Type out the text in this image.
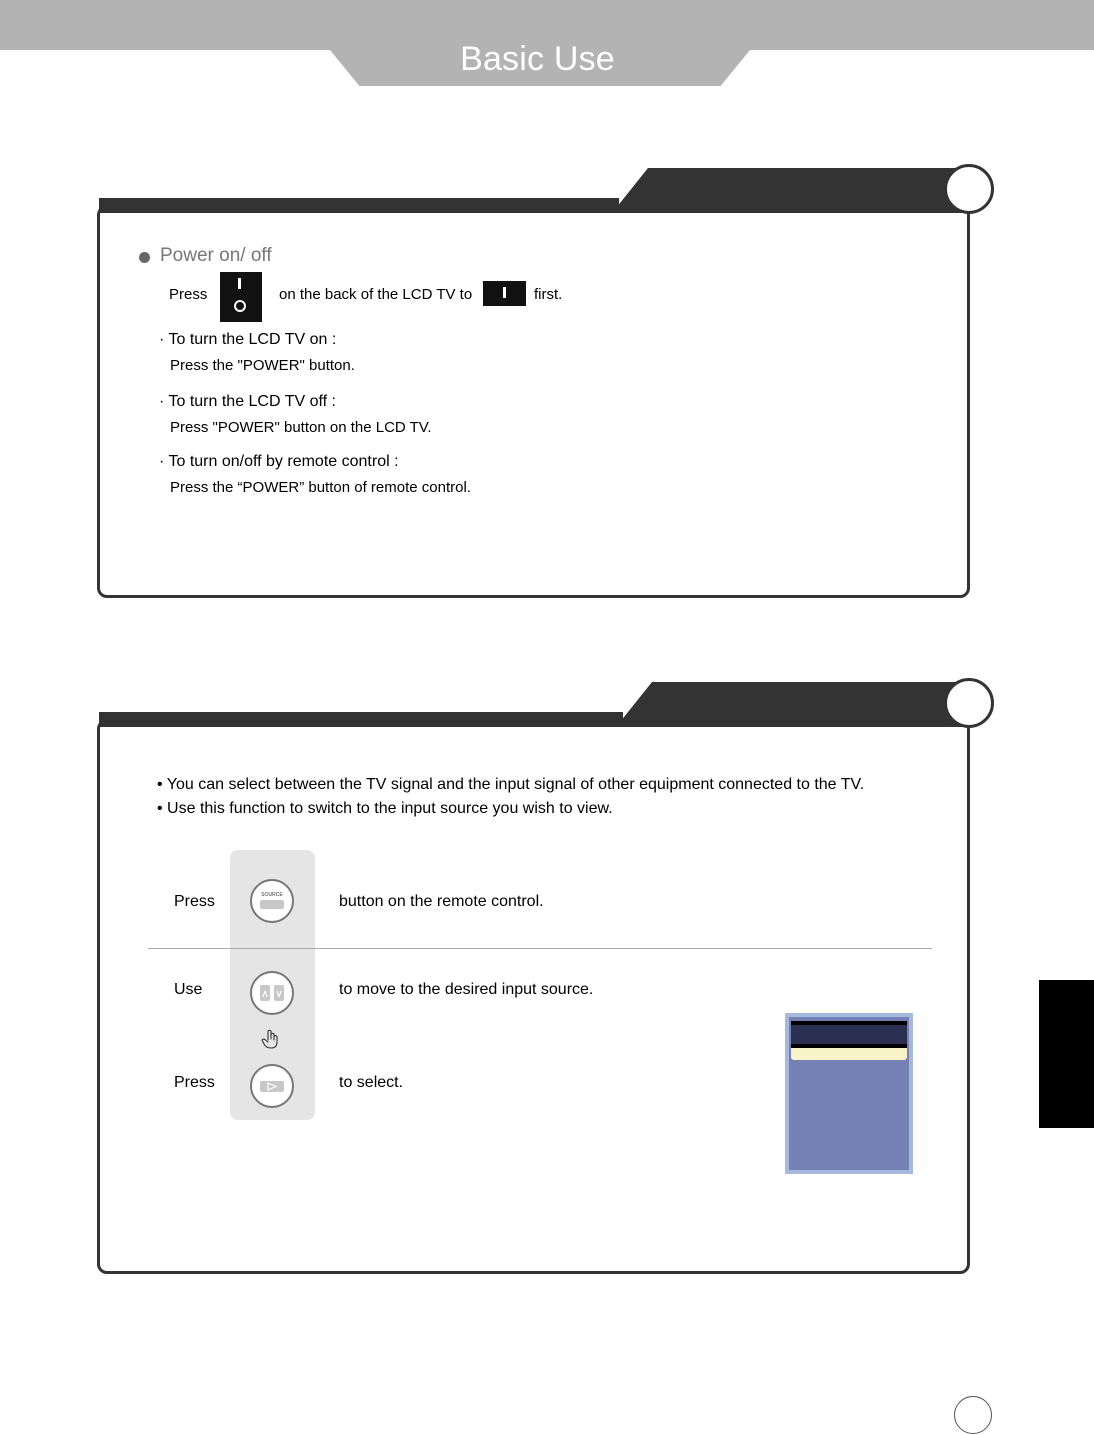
Basic Use
Power on/ off
Press	on the back of the LCD TV to	first.
· To turn the LCD TV on :
Press the "POWER" button.
· To turn the LCD TV off :
Press "POWER" button on the LCD TV.
· To turn on/off by remote control :
Press the “POWER” button of remote control.
• You can select between the TV signal and the input signal of other equipment connected to the TV.
• Use this function to switch to the input source you wish to view.
Press	SOURCE	button on the remote control.
Use	to move to the desired input source.
Press	to select.
